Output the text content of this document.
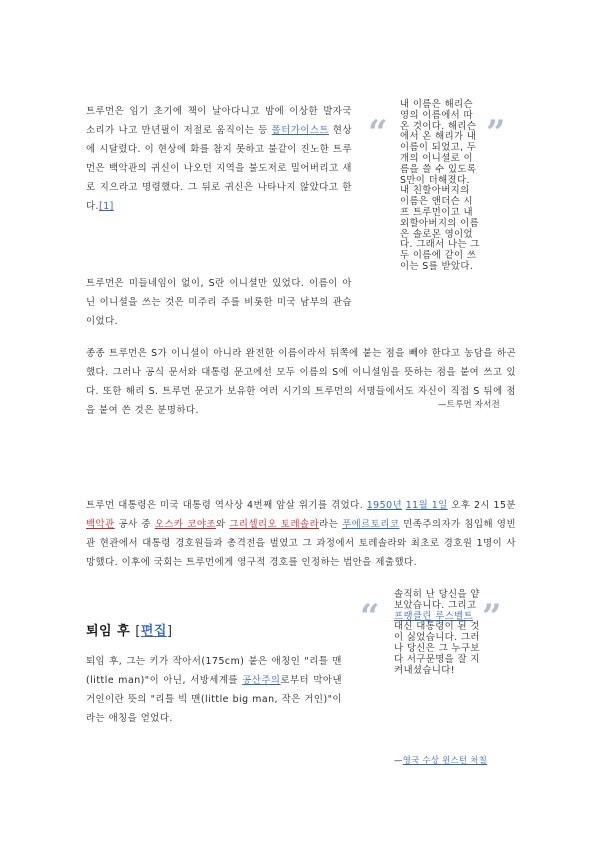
트루먼은 임기 초기에 책이 날아다니고 밤에 이상한 발자국 소리가 나고 만년필이 저절로 움직이는 등 폴터가이스트 현상에 시달렸다. 이 현상에 화를 참지 못하고 불같이 진노한 트루먼은 백악관의 귀신이 나오던 지역을 불도저로 밀어버리고 새로 지으라고 명령했다. 그 뒤로 귀신은 나타나지 않았다고 한다.[1]

트루먼은 미들네임이 없이, S란 이니셜만 있었다. 이름이 아닌 이니셜을 쓰는 것은 미주리 주를 비롯한 미국 남부의 관습이었다.

종종 트루먼은 S가 이니셜이 아니라 완전한 이름이라서 뒤쪽에 붙는 점을 빼야 한다고 농담을 하곤 했다. 그러나 공식 문서와 대통령 문고에선 모두 이름의 S에 이니셜임을 뜻하는 점을 붙여 쓰고 있다. 또한 해리 S. 트루먼 문고가 보유한 여러 시기의 트루먼의 서명들에서도 자신이 직접 S 뒤에 점을 붙여 쓴 것은 분명하다.

“	”

내 이름은 해리슨 영의 이름에서 따온 것이다. 해리슨에서 온 해리가 내 이름이 되었고, 두 개의 이니셜로 이름을 쓸 수 있도록 S만이 더해졌다. 내 친할아버지의 이름은 앤더슨 시프 트루먼이고 내 외할아버지의 이름은 솔로몬 영이었다. 그래서 나는 그 두 이름에 같이 쓰이는 S를 받았다.

—트루먼 자서전

트루먼 대통령은 미국 대통령 역사상 4번째 암살 위기를 겪었다. 1950년 11월 1일 오후 2시 15분 백악관 공사 중 오스카 코야조와 그리셀리오 토레솔라라는 푸에르토리코 민족주의자가 침입해 영빈관 현관에서 대통령 경호원들과 총격전을 벌였고 그 과정에서 토레솔라와 최초로 경호원 1명이 사망했다. 이후에 국회는 트루먼에게 영구적 경호를 인정하는 법안을 제출했다.

퇴임 후 [편집]

퇴임 후, 그는 키가 작아서(175cm) 붙은 애칭인 "리틀 맨(little man)"이 아닌, 서방세계를 공산주의로부터 막아낸 거인이란 뜻의 "리틀 빅 맨(little big man, 작은 거인)"이라는 애칭을 얻었다.

“	”

솔직히 난 당신을 얕보았습니다. 그리고 프랭클린 루스벨트 대신 대통령이 된 것이 싫었습니다. 그러나 당신은 그 누구보다 서구문명을 잘 지켜내셨습니다!

—영국 수상 윈스턴 처칠
